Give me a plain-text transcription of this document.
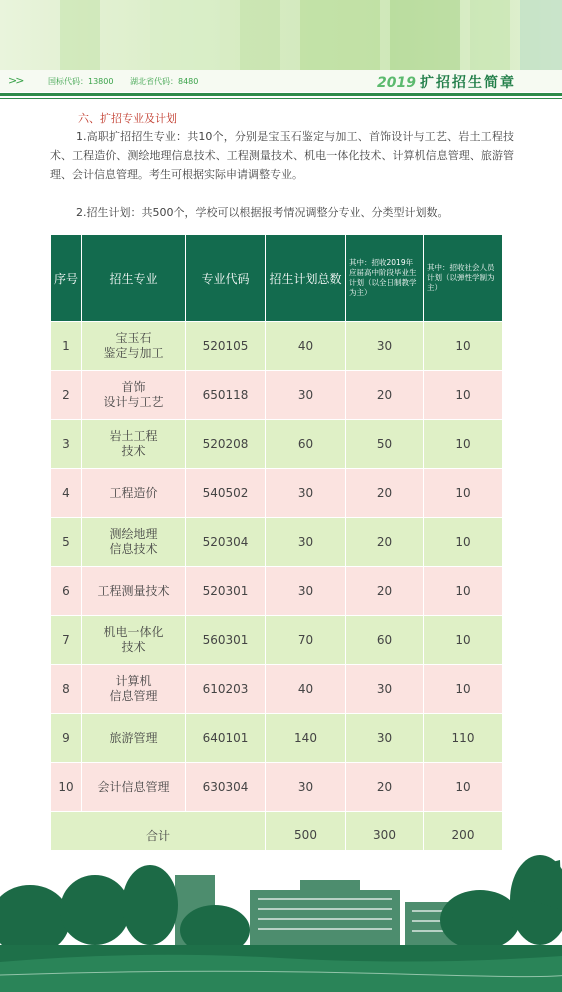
>>	国标代码：13800 湖北省代码：8480	2019 扩招招生简章
六、扩招专业及计划

1.高职扩招招生专业：共10个，分别是宝玉石鉴定与加工、首饰设计与工艺、岩土工程技术、工程造价、测绘地理信息技术、工程测量技术、机电一体化技术、计算机信息管理、旅游管理、会计信息管理。考生可根据实际申请调整专业。

2.招生计划：共500个，学校可以根据报考情况调整分专业、分类型计划数。

序号	招生专业	专业代码	招生计划总数	其中：招收2019年应届高中阶段毕业生计划（以全日制教学为主）	其中：招收社会人员计划（以弹性学制为主）

1	宝玉石
鉴定与加工	520105	40	30	10
2	首饰
设计与工艺	650118	30	20	10
3	岩土工程
技术	520208	60	50	10
4	工程造价	540502	30	20	10
5	测绘地理
信息技术	520304	30	20	10
6	工程测量技术	520301	30	20	10
7	机电一体化
技术	560301	70	60	10
8	计算机
信息管理	610203	40	30	10
9	旅游管理	640101	140	30	110
10	会计信息管理	630304	30	20	10
合计			500	300	200
